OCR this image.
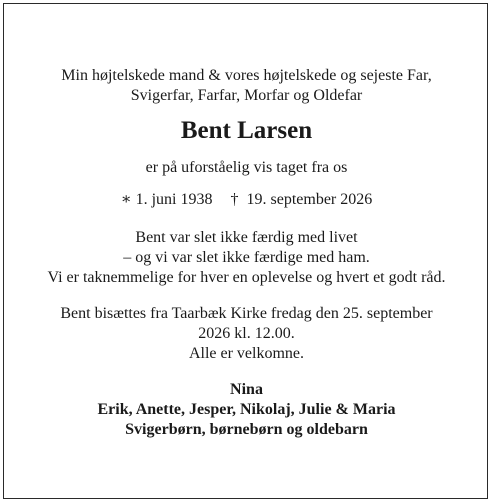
Min højtelskede mand & vores højtelskede og sejeste Far,
Svigerfar, Farfar, Morfar og Oldefar
Bent Larsen
er på uforståelig vis taget fra os
∗ 1. juni 1938 † 19. september 2026
Bent var slet ikke færdig med livet
– og vi var slet ikke færdige med ham.
Vi er taknemmelige for hver en oplevelse og hvert et godt råd.
Bent bisættes fra Taarbæk Kirke fredag den 25. september
2026 kl. 12.00.
Alle er velkomne.
Nina
Erik, Anette, Jesper, Nikolaj, Julie & Maria
Svigerbørn, børnebørn og oldebarn
